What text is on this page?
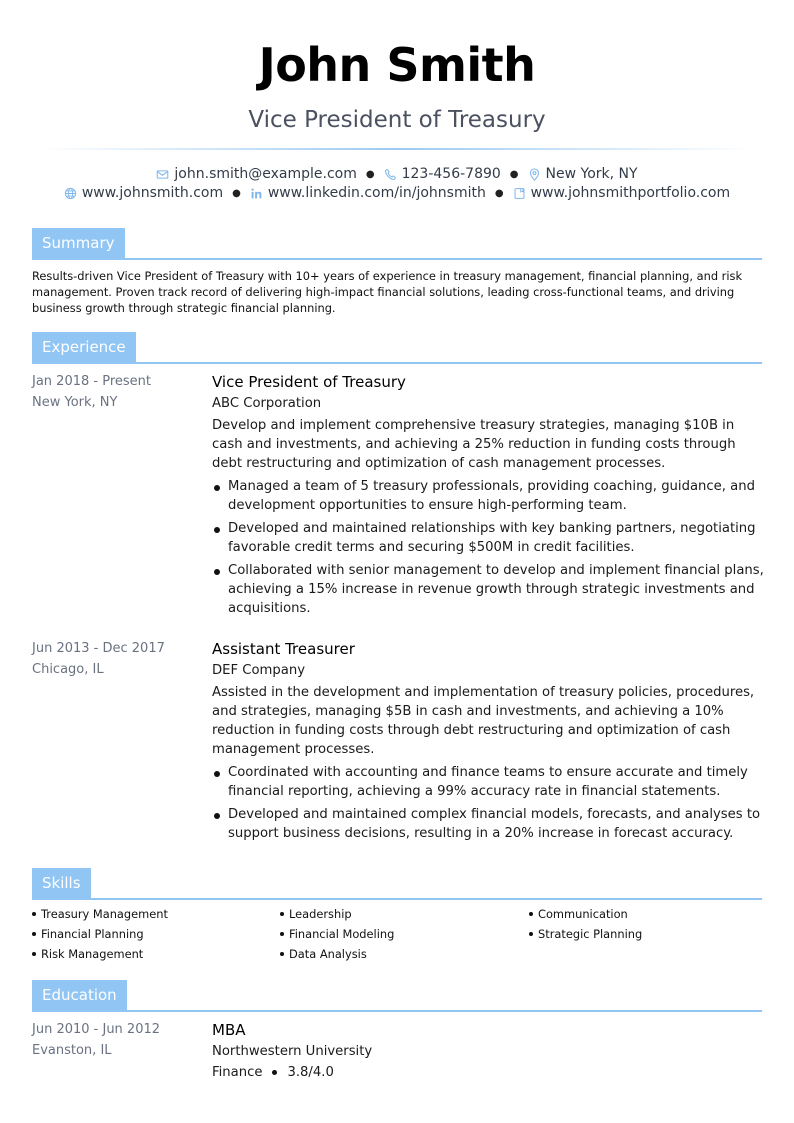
John Smith
Vice President of Treasury
john.smith@example.com ● 123-456-7890 ● New York, NY
www.johnsmith.com ● www.linkedin.com/in/johnsmith ● www.johnsmithportfolio.com
Summary
Results-driven Vice President of Treasury with 10+ years of experience in treasury management, financial planning, and risk management. Proven track record of delivering high-impact financial solutions, leading cross-functional teams, and driving business growth through strategic financial planning.
Experience
Jan 2018 - Present
New York, NY
Vice President of Treasury
ABC Corporation
Develop and implement comprehensive treasury strategies, managing $10B in cash and investments, and achieving a 25% reduction in funding costs through debt restructuring and optimization of cash management processes.
Managed a team of 5 treasury professionals, providing coaching, guidance, and development opportunities to ensure high-performing team.
Developed and maintained relationships with key banking partners, negotiating favorable credit terms and securing $500M in credit facilities.
Collaborated with senior management to develop and implement financial plans, achieving a 15% increase in revenue growth through strategic investments and acquisitions.
Jun 2013 - Dec 2017
Chicago, IL
Assistant Treasurer
DEF Company
Assisted in the development and implementation of treasury policies, procedures, and strategies, managing $5B in cash and investments, and achieving a 10% reduction in funding costs through debt restructuring and optimization of cash management processes.
Coordinated with accounting and finance teams to ensure accurate and timely financial reporting, achieving a 99% accuracy rate in financial statements.
Developed and maintained complex financial models, forecasts, and analyses to support business decisions, resulting in a 20% increase in forecast accuracy.
Skills
Treasury Management	Leadership	Communication
Financial Planning	Financial Modeling	Strategic Planning
Risk Management	Data Analysis
Education
Jun 2010 - Jun 2012
Evanston, IL
MBA
Northwestern University
Finance 3.8/4.0
